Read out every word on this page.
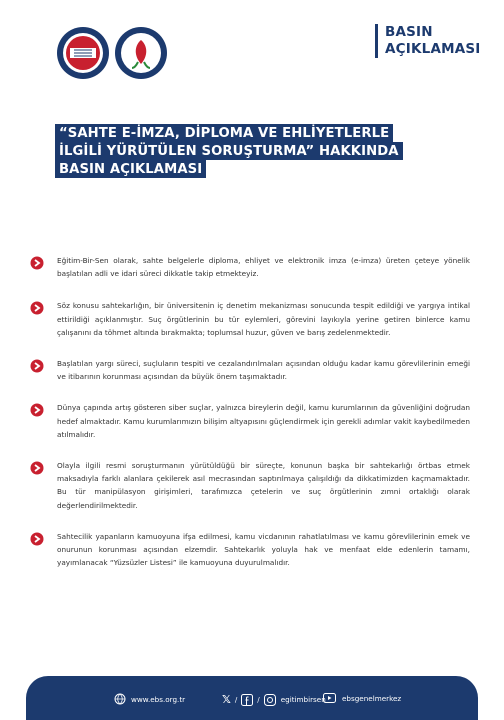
BASIN
AÇIKLAMASI
“SAHTE E-İMZA, DİPLOMA VE EHLİYETLERLE
İLGİLİ YÜRÜTÜLEN SORUŞTURMA” HAKKINDA
BASIN AÇIKLAMASI

Eğitim-Bir-Sen olarak, sahte belgelerle diploma, ehliyet ve elektronik imza (e-imza) üreten çeteye yönelik başlatılan adli ve idari süreci dikkatle takip etmekteyiz.

Söz konusu sahtekarlığın, bir üniversitenin iç denetim mekanizması sonucunda tespit edildiği ve yargıya intikal ettirildiği açıklanmıştır. Suç örgütlerinin bu tür eylemleri, görevini layıkıyla yerine getiren binlerce kamu çalışanını da töhmet altında bırakmakta; toplumsal huzur, güven ve barış zedelenmektedir.

Başlatılan yargı süreci, suçluların tespiti ve cezalandırılmaları açısından olduğu kadar kamu görevlilerinin emeği ve itibarının korunması açısından da büyük önem taşımaktadır.

Dünya çapında artış gösteren siber suçlar, yalnızca bireylerin değil, kamu kurumlarının da güvenliğini doğrudan hedef almaktadır. Kamu kurumlarımızın bilişim altyapısını güçlendirmek için gerekli adımlar vakit kaybedilmeden atılmalıdır.

Olayla ilgili resmi soruşturmanın yürütüldüğü bir süreçte, konunun başka bir sahtekarlığı örtbas etmek maksadıyla farklı alanlara çekilerek asıl mecrasından saptırılmaya çalışıldığı da dikkatimizden kaçmamaktadır. Bu tür manipülasyon girişimleri, tarafımızca çetelerin ve suç örgütlerinin zımni ortaklığı olarak değerlendirilmektedir.

Sahtecilik yapanların kamuoyuna ifşa edilmesi, kamu vicdanının rahatlatılması ve kamu görevlilerinin emek ve onurunun korunması açısından elzemdir. Sahtekarlık yoluyla hak ve menfaat elde edenlerin tamamı, yayımlanacak “Yüzsüzler Listesi” ile kamuoyuna duyurulmalıdır.

www.ebs.org.tr	𝕏 /	/	egitimbirsen ebsgenelmerkez
